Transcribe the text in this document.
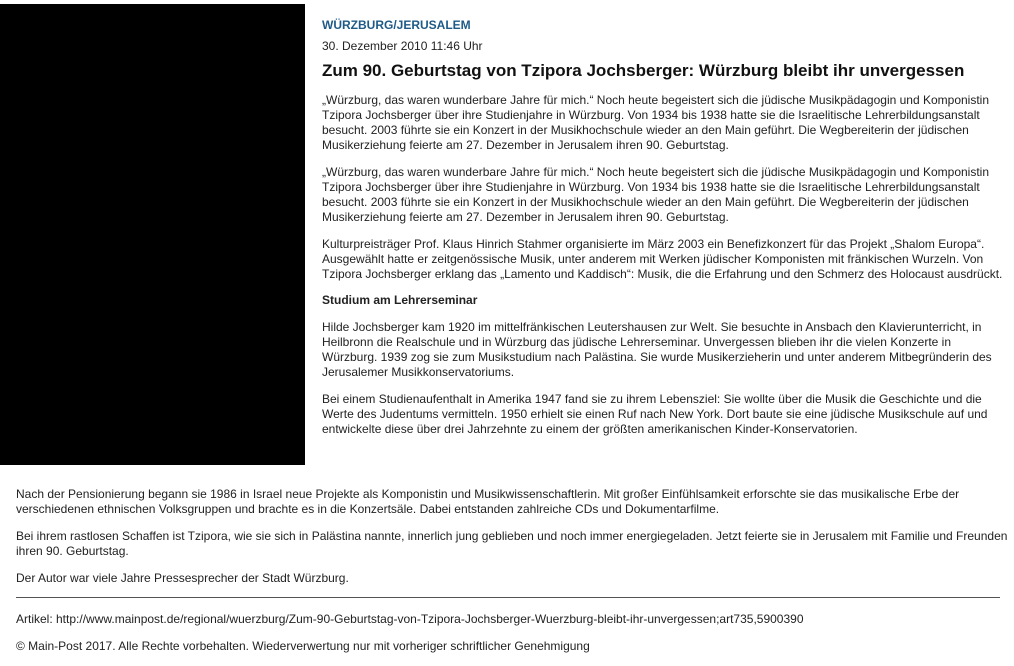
WÜRZBURG/JERUSALEM
30. Dezember 2010 11:46 Uhr
Zum 90. Geburtstag von Tzipora Jochsberger: Würzburg bleibt ihr unvergessen

„Würzburg, das waren wunderbare Jahre für mich.“ Noch heute begeistert sich die jüdische Musikpädagogin und Komponistin Tzipora Jochsberger über ihre Studienjahre in Würzburg. Von 1934 bis 1938 hatte sie die Israelitische Lehrerbildungsanstalt besucht. 2003 führte sie ein Konzert in der Musikhochschule wieder an den Main geführt. Die Wegbereiterin der jüdischen Musikerziehung feierte am 27. Dezember in Jerusalem ihren 90. Geburtstag.

„Würzburg, das waren wunderbare Jahre für mich.“ Noch heute begeistert sich die jüdische Musikpädagogin und Komponistin Tzipora Jochsberger über ihre Studienjahre in Würzburg. Von 1934 bis 1938 hatte sie die Israelitische Lehrerbildungsanstalt besucht. 2003 führte sie ein Konzert in der Musikhochschule wieder an den Main geführt. Die Wegbereiterin der jüdischen Musikerziehung feierte am 27. Dezember in Jerusalem ihren 90. Geburtstag.

Kulturpreisträger Prof. Klaus Hinrich Stahmer organisierte im März 2003 ein Benefizkonzert für das Projekt „Shalom Europa“. Ausgewählt hatte er zeitgenössische Musik, unter anderem mit Werken jüdischer Komponisten mit fränkischen Wurzeln. Von Tzipora Jochsberger erklang das „Lamento und Kaddisch“: Musik, die die Erfahrung und den Schmerz des Holocaust ausdrückt.

Studium am Lehrerseminar

Hilde Jochsberger kam 1920 im mittelfränkischen Leutershausen zur Welt. Sie besuchte in Ansbach den Klavierunterricht, in Heilbronn die Realschule und in Würzburg das jüdische Lehrerseminar. Unvergessen blieben ihr die vielen Konzerte in Würzburg. 1939 zog sie zum Musikstudium nach Palästina. Sie wurde Musikerzieherin und unter anderem Mitbegründerin des Jerusalemer Musikkonservatoriums.

Bei einem Studienaufenthalt in Amerika 1947 fand sie zu ihrem Lebensziel: Sie wollte über die Musik die Geschichte und die Werte des Judentums vermitteln. 1950 erhielt sie einen Ruf nach New York. Dort baute sie eine jüdische Musikschule auf und entwickelte diese über drei Jahrzehnte zu einem der größten amerikanischen Kinder-Konservatorien.

Nach der Pensionierung begann sie 1986 in Israel neue Projekte als Komponistin und Musikwissenschaftlerin. Mit großer Einfühlsamkeit erforschte sie das musikalische Erbe der verschiedenen ethnischen Volksgruppen und brachte es in die Konzertsäle. Dabei entstanden zahlreiche CDs und Dokumentarfilme.

Bei ihrem rastlosen Schaffen ist Tzipora, wie sie sich in Palästina nannte, innerlich jung geblieben und noch immer energiegeladen. Jetzt feierte sie in Jerusalem mit Familie und Freunden ihren 90. Geburtstag.

Der Autor war viele Jahre Pressesprecher der Stadt Würzburg.

Artikel: http://www.mainpost.de/regional/wuerzburg/Zum-90-Geburtstag-von-Tzipora-Jochsberger-Wuerzburg-bleibt-ihr-unvergessen;art735,5900390
© Main-Post 2017. Alle Rechte vorbehalten. Wiederverwertung nur mit vorheriger schriftlicher Genehmigung
